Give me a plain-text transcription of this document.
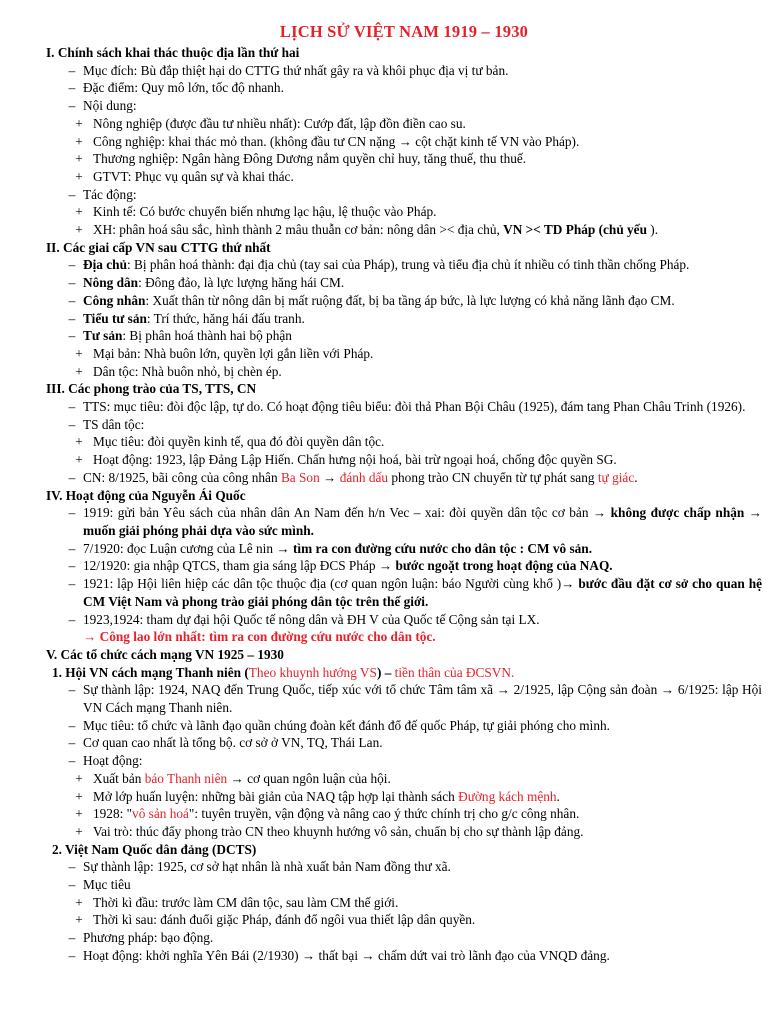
LỊCH SỬ VIỆT NAM 1919 – 1930
I. Chính sách khai thác thuộc địa lần thứ hai
– Mục đích: Bù đắp thiệt hại do CTTG thứ nhất gây ra và khôi phục địa vị tư bản.
– Đặc điểm: Quy mô lớn, tốc độ nhanh.
– Nội dung:
+ Nông nghiệp (được đầu tư nhiều nhất): Cướp đất, lập đồn điền cao su.
+ Công nghiệp: khai thác mỏ than. (không đầu tư CN nặng → cột chặt kinh tế VN vào Pháp).
+ Thương nghiệp: Ngân hàng Đông Dương nắm quyền chỉ huy, tăng thuế, thu thuế.
+ GTVT: Phục vụ quân sự và khai thác.
– Tác động:
+ Kinh tế: Có bước chuyển biến nhưng lạc hậu, lệ thuộc vào Pháp.
+ XH: phân hoá sâu sắc, hình thành 2 mâu thuẫn cơ bản: nông dân >< địa chủ, VN >< TD Pháp (chủ yếu ).
II. Các giai cấp VN sau CTTG thứ nhất
– Địa chủ: Bị phân hoá thành: đại địa chủ (tay sai của Pháp), trung và tiểu địa chủ ít nhiều có tinh thần chống Pháp.
– Nông dân: Đông đảo, là lực lượng hăng hái CM.
– Công nhân: Xuất thân từ nông dân bị mất ruộng đất, bị ba tầng áp bức, là lực lượng có khả năng lãnh đạo CM.
– Tiểu tư sản: Trí thức, hăng hái đấu tranh.
– Tư sản: Bị phân hoá thành hai bộ phận
+ Mại bản: Nhà buôn lớn, quyền lợi gắn liền với Pháp.
+ Dân tộc: Nhà buôn nhỏ, bị chèn ép.
III. Các phong trào của TS, TTS, CN
– TTS: mục tiêu: đòi độc lập, tự do. Có hoạt động tiêu biểu: đòi thả Phan Bội Châu (1925), đám tang Phan Châu Trinh (1926).
– TS dân tộc:
+ Mục tiêu: đòi quyền kinh tế, qua đó đòi quyền dân tộc.
+ Hoạt động: 1923, lập Đảng Lập Hiến. Chấn hưng nội hoá, bài trừ ngoại hoá, chống độc quyền SG.
– CN: 8/1925, bãi công của công nhân Ba Son → đánh dấu phong trào CN chuyển từ tự phát sang tự giác.
IV. Hoạt động của Nguyễn Ái Quốc
– 1919: gửi bản Yêu sách của nhân dân An Nam đến h/n Vec – xai: đòi quyền dân tộc cơ bản → không được chấp nhận → muốn giải phóng phải dựa vào sức mình.
– 7/1920: đọc Luận cương của Lê nin → tìm ra con đường cứu nước cho dân tộc : CM vô sản.
– 12/1920: gia nhập QTCS, tham gia sáng lập ĐCS Pháp → bước ngoặt trong hoạt động của NAQ.
– 1921: lập Hội liên hiệp các dân tộc thuộc địa (cơ quan ngôn luận: báo Người cùng khổ )→ bước đầu đặt cơ sở cho quan hệ CM Việt Nam và phong trào giải phóng dân tộc trên thế giới.
– 1923,1924: tham dự đại hội Quốc tế nông dân và ĐH V của Quốc tế Cộng sản tại LX.
→ Công lao lớn nhất: tìm ra con đường cứu nước cho dân tộc.
V. Các tổ chức cách mạng VN 1925 – 1930
1. Hội VN cách mạng Thanh niên (Theo khuynh hướng VS) – tiền thân của ĐCSVN.
– Sự thành lập: 1924, NAQ đến Trung Quốc, tiếp xúc với tổ chức Tâm tâm xã → 2/1925, lập Cộng sản đoàn → 6/1925: lập Hội VN Cách mạng Thanh niên.
– Mục tiêu: tổ chức và lãnh đạo quần chúng đoàn kết đánh đổ đế quốc Pháp, tự giải phóng cho mình.
– Cơ quan cao nhất là tổng bộ. cơ sở ở VN, TQ, Thái Lan.
– Hoạt động:
+ Xuất bản báo Thanh niên → cơ quan ngôn luận của hội.
+ Mở lớp huấn luyện: những bài giản của NAQ tập hợp lại thành sách Đường kách mệnh.
+ 1928: "vô sản hoá": tuyên truyền, vận động và nâng cao ý thức chính trị cho g/c công nhân.
+ Vai trò: thúc đẩy phong trào CN theo khuynh hướng vô sản, chuẩn bị cho sự thành lập đảng.
2. Việt Nam Quốc dân đảng (DCTS)
– Sự thành lập: 1925, cơ sở hạt nhân là nhà xuất bản Nam đồng thư xã.
– Mục tiêu
+ Thời kì đầu: trước làm CM dân tộc, sau làm CM thế giới.
+ Thời kì sau: đánh đuổi giặc Pháp, đánh đổ ngôi vua thiết lập dân quyền.
– Phương pháp: bạo động.
– Hoạt động: khởi nghĩa Yên Bái (2/1930) → thất bại → chấm dứt vai trò lãnh đạo của VNQD đảng.
